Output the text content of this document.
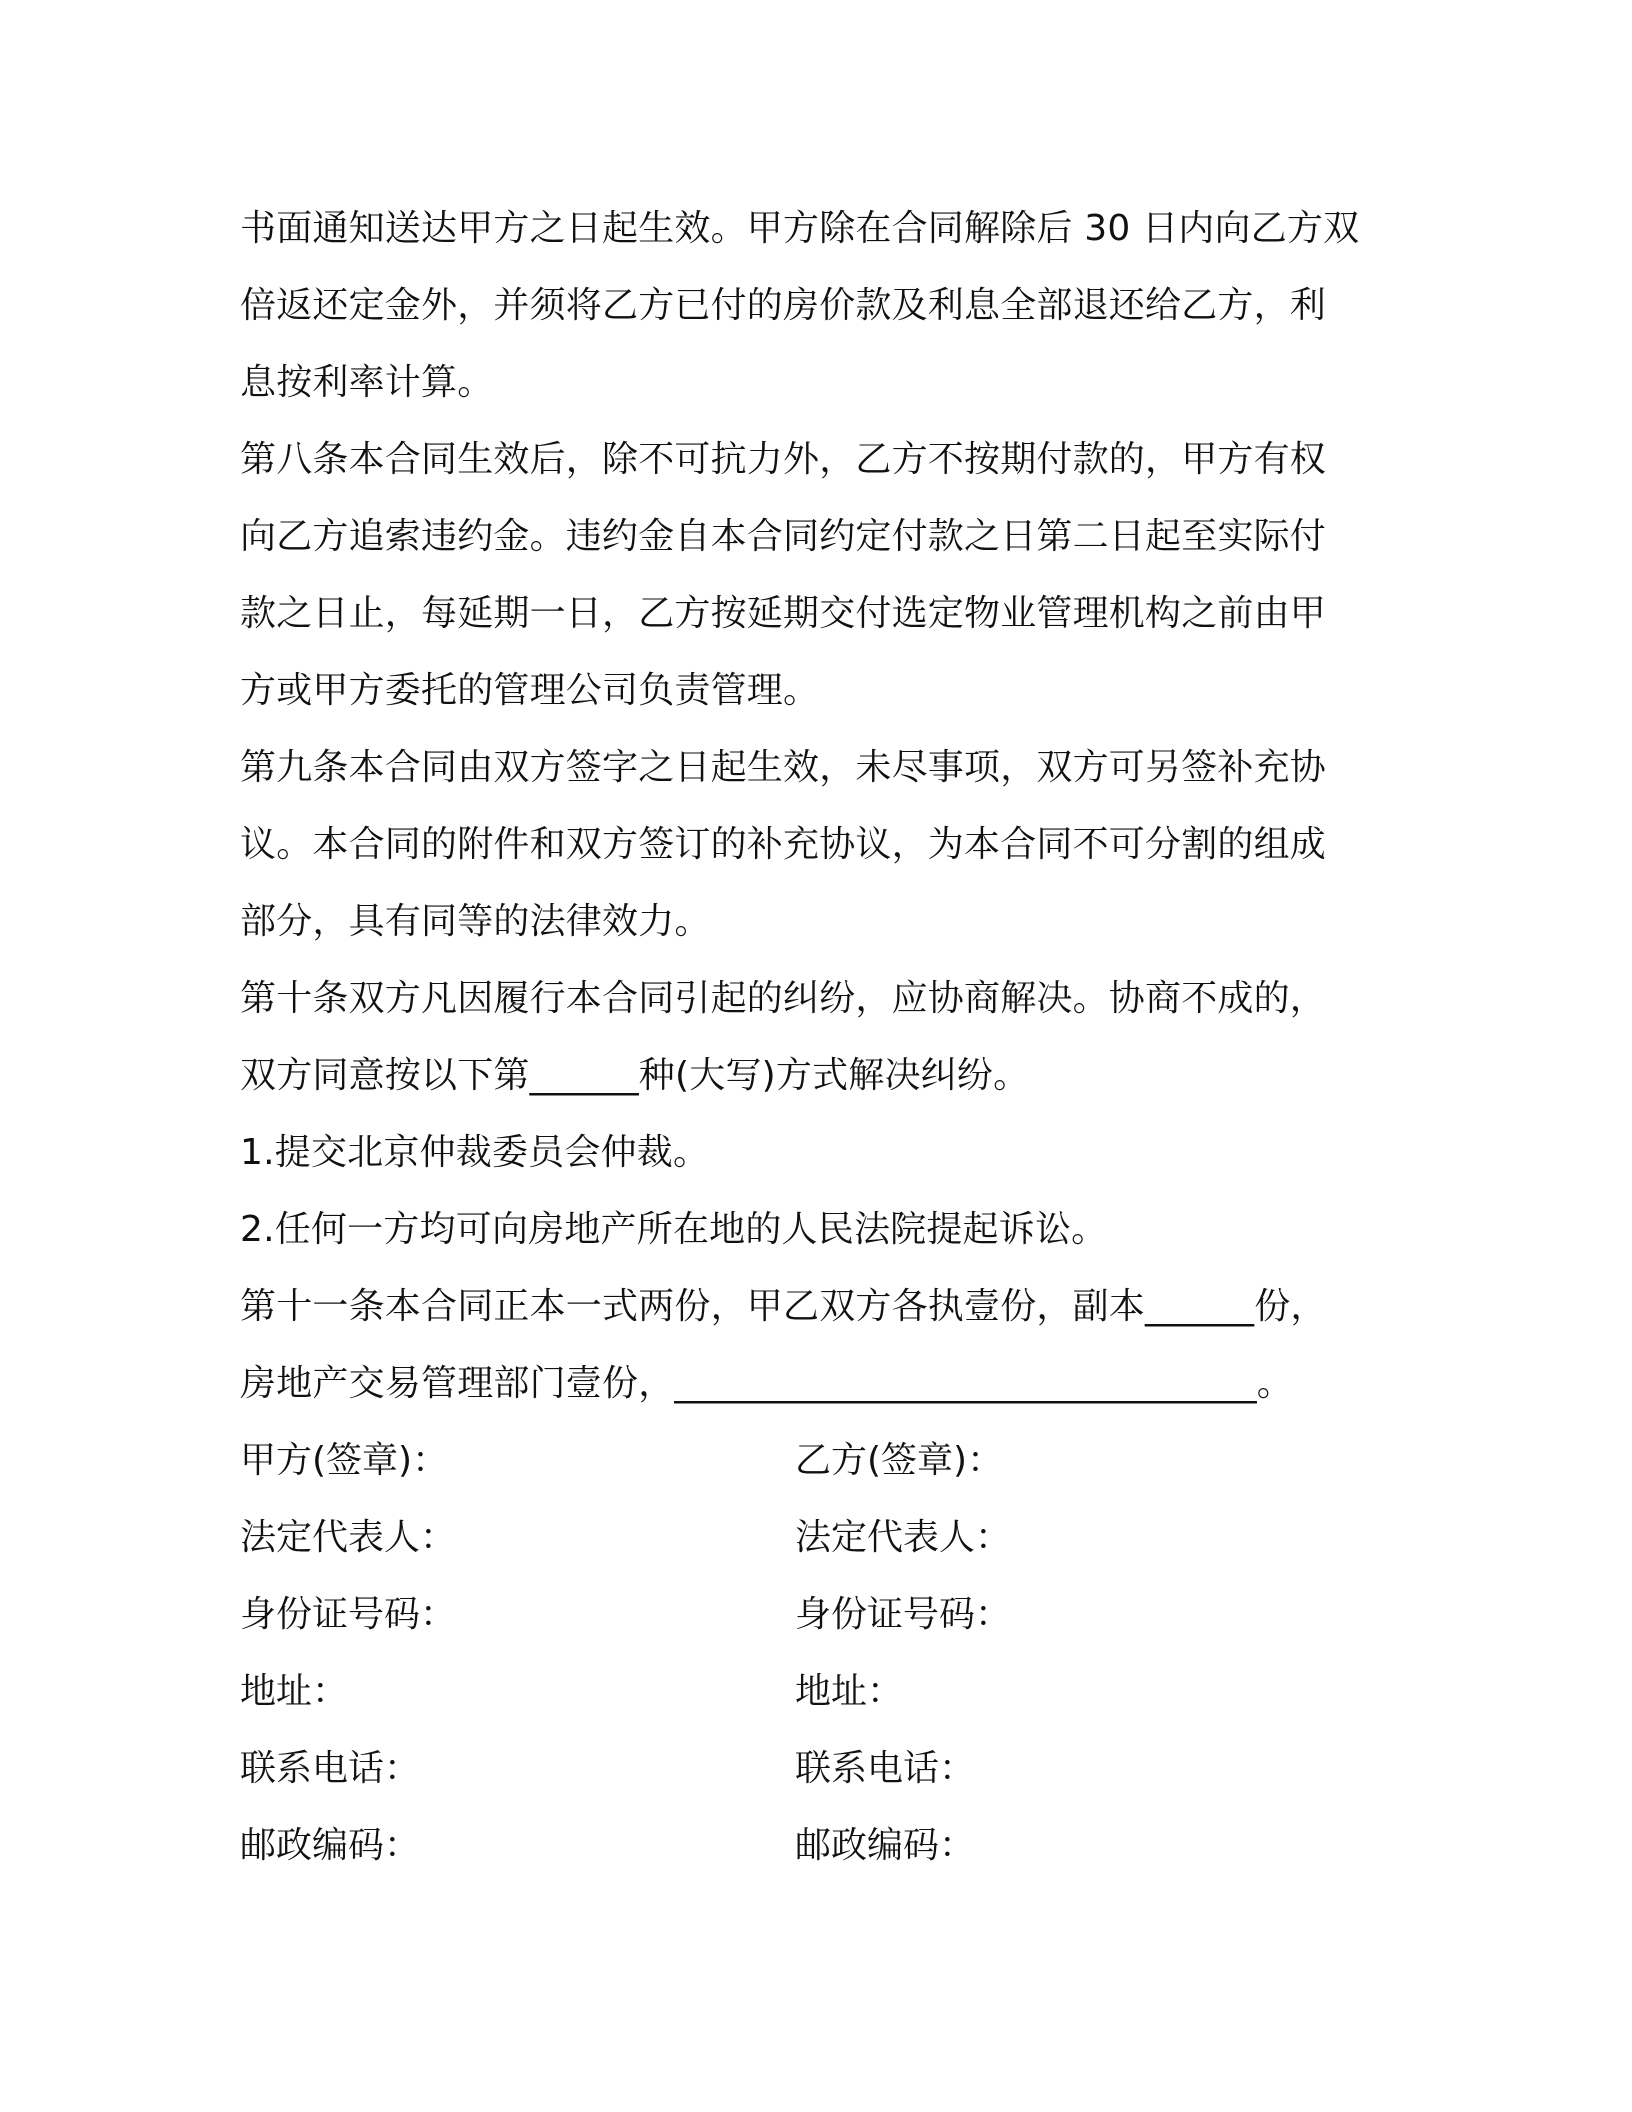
书面通知送达甲方之日起生效。甲方除在合同解除后 30 日内向乙方双
倍返还定金外，并须将乙方已付的房价款及利息全部退还给乙方，利
息按利率计算。
第八条本合同生效后，除不可抗力外，乙方不按期付款的，甲方有权
向乙方追索违约金。违约金自本合同约定付款之日第二日起至实际付
款之日止，每延期一日，乙方按延期交付选定物业管理机构之前由甲
方或甲方委托的管理公司负责管理。
第九条本合同由双方签字之日起生效，未尽事项，双方可另签补充协
议。本合同的附件和双方签订的补充协议，为本合同不可分割的组成
部分，具有同等的法律效力。
第十条双方凡因履行本合同引起的纠纷，应协商解决。协商不成的，
双方同意按以下第______种(大写)方式解决纠纷。
1.提交北京仲裁委员会仲裁。
2.任何一方均可向房地产所在地的人民法院提起诉讼。
第十一条本合同正本一式两份，甲乙双方各执壹份，副本______份，
房地产交易管理部门壹份，________________________________。
甲方(签章)：	乙方(签章)：
法定代表人：	法定代表人：
身份证号码：	身份证号码：
地址：	地址：
联系电话：	联系电话：
邮政编码：	邮政编码：
